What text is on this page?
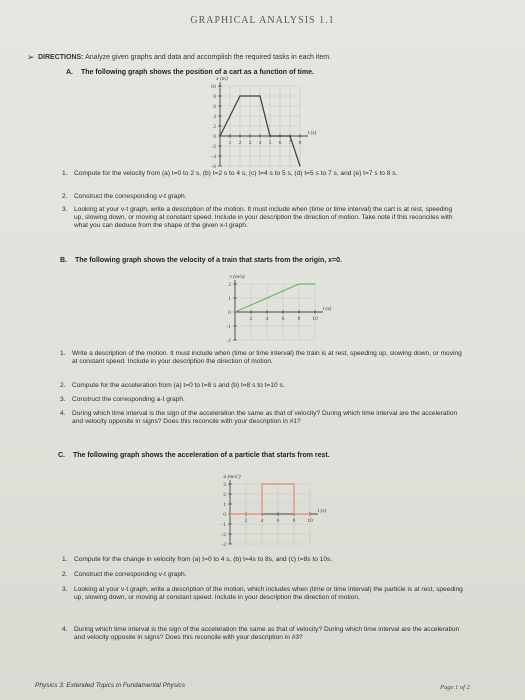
GRAPHICAL ANALYSIS 1.1
➢ DIRECTIONS: Analyze given graphs and data and accomplish the required tasks in each item.
A. The following graph shows the position of a cart as a function of time.
10
8
6
4
2
0
-2
-4
-6
1 2 3 4 5 6 7 8
x (m)
t (s)
1. Compute for the velocity from (a) t=0 to 2 s, (b) t=2 s to 4 s, (c) t=4 s to 5 s, (d) t=5 s to 7 s, and (e) t=7 s to 8 s.
2. Construct the corresponding v-t graph.
3. Looking at your v-t graph, write a description of the motion. It must include when (time or time interval) the cart is at rest, speeding up, slowing down, or moving at constant speed. Include in your description the direction of motion. Take note if this reconciles with what you can deduce from the shape of the given x-t graph.
B. The following graph shows the velocity of a train that starts from the origin, x=0.
2
1
0
-1
-2
2 4 6 8 10
v (m/s)
t (s)
1. Write a description of the motion. It must include when (time or time interval) the train is at rest, speeding up, slowing down, or moving at constant speed. Include in your description the direction of motion.
2. Compute for the acceleration from (a) t=0 to t=8 s and (b) t=8 s to t=10 s.
3. Construct the corresponding a-t graph.
4. During which time interval is the sign of the acceleration the same as that of velocity? During which time interval are the acceleration and velocity opposite in signs? Does this reconcile with your description in #1?
C. The following graph shows the acceleration of a particle that starts from rest.
3
2
1
0
-1
-2
-3
2 4 6 8 10
a (m/s²)
t (s)
1. Compute for the change in velocity from (a) t=0 to 4 s, (b) t=4s to 8s, and (c) t=8s to 10s.
2. Construct the corresponding v-t graph.
3. Looking at your v-t graph, write a description of the motion, which includes when (time or time interval) the particle is at rest, speeding up, slowing down, or moving at constant speed. Include in your description the direction of motion.
4. During which time interval is the sign of the acceleration the same as that of velocity? During which time interval are the acceleration and velocity opposite in signs? Does this reconcile with your description in #3?
Physics 3: Extended Topics in Fundamental Physics	Page 1 of 2
